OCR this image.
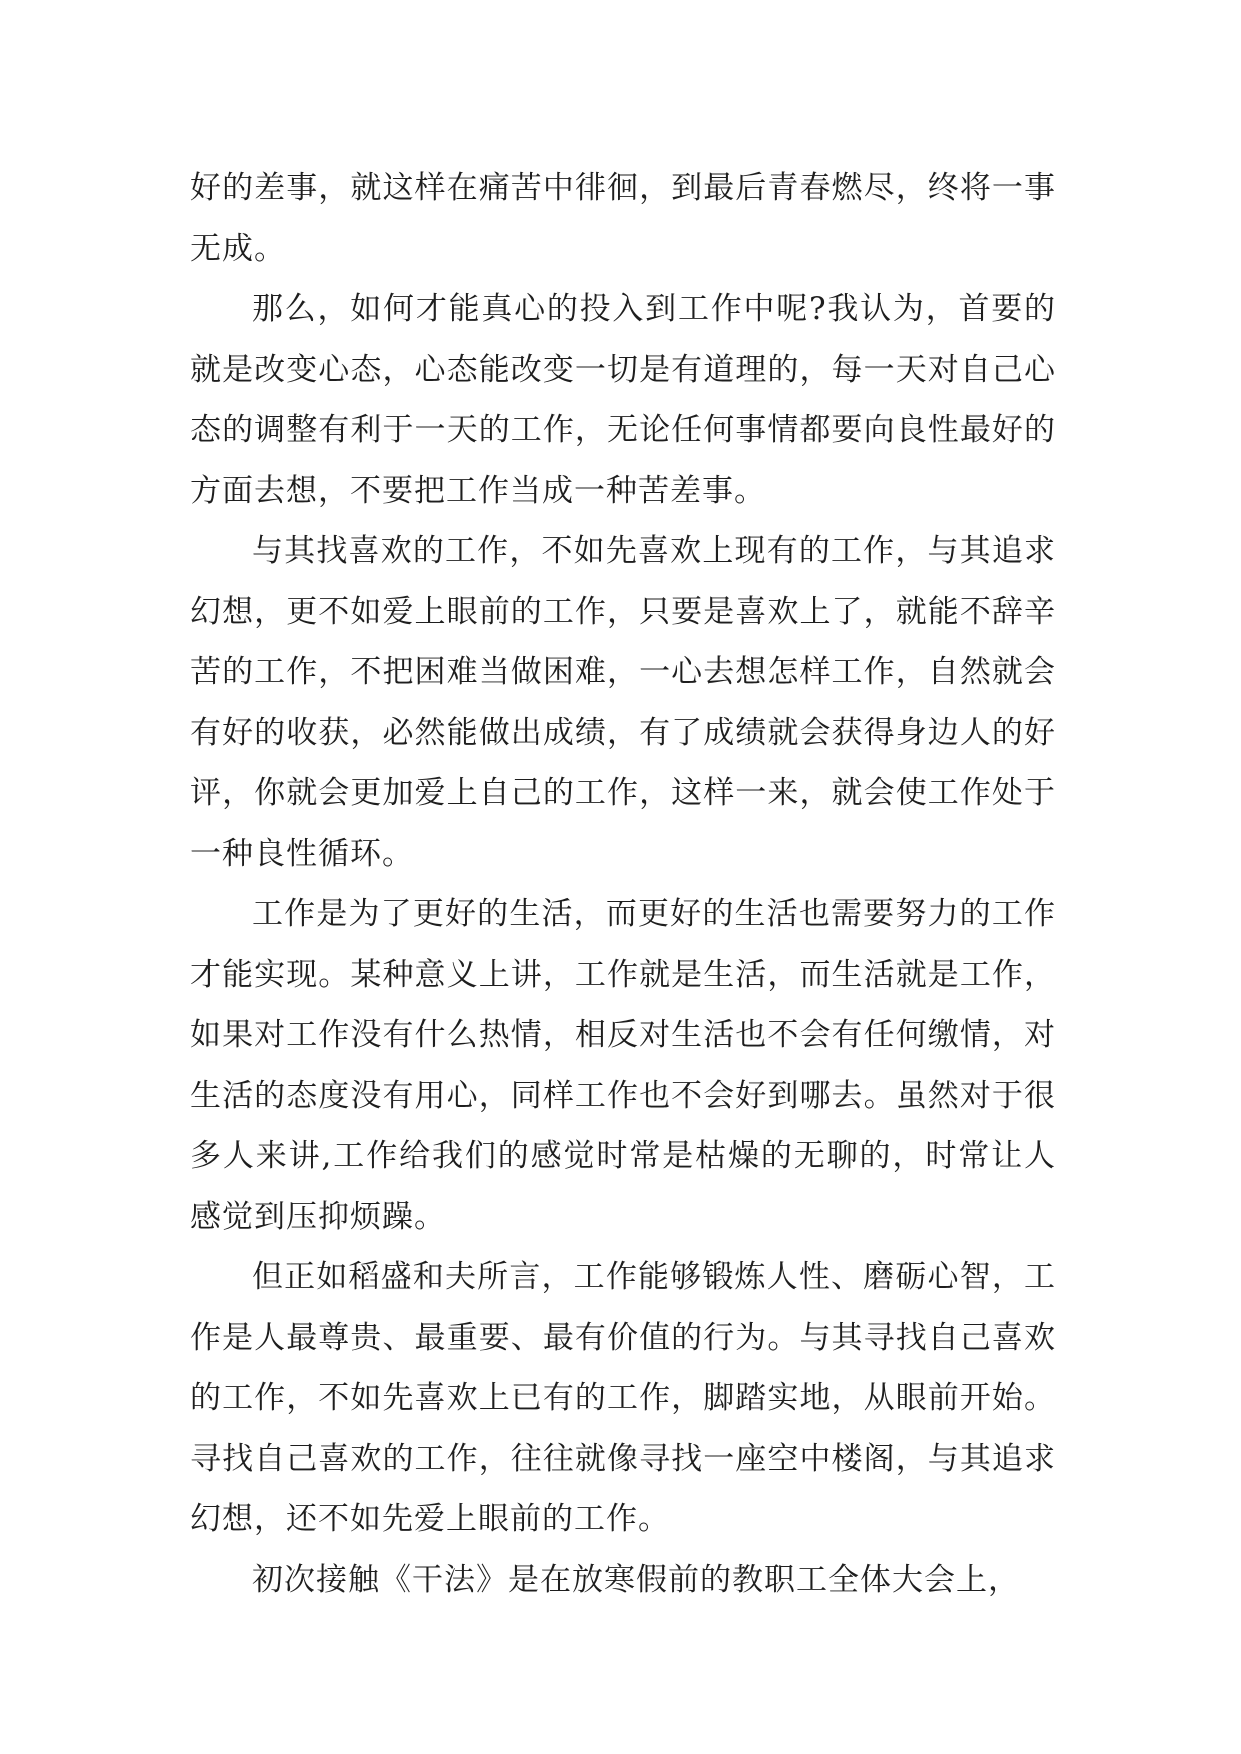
好的差事，就这样在痛苦中徘徊，到最后青春燃尽，终将一事无成。

那么，如何才能真心的投入到工作中呢?我认为，首要的就是改变心态，心态能改变一切是有道理的，每一天对自己心态的调整有利于一天的工作，无论任何事情都要向良性最好的方面去想，不要把工作当成一种苦差事。

与其找喜欢的工作，不如先喜欢上现有的工作，与其追求幻想，更不如爱上眼前的工作，只要是喜欢上了，就能不辞辛苦的工作，不把困难当做困难，一心去想怎样工作，自然就会有好的收获，必然能做出成绩，有了成绩就会获得身边人的好评，你就会更加爱上自己的工作，这样一来，就会使工作处于一种良性循环。

工作是为了更好的生活，而更好的生活也需要努力的工作才能实现。某种意义上讲，工作就是生活，而生活就是工作，如果对工作没有什么热情，相反对生活也不会有任何缴情，对生活的态度没有用心，同样工作也不会好到哪去。虽然对于很多人来讲,工作给我们的感觉时常是枯燥的无聊的，时常让人感觉到压抑烦躁。

但正如稻盛和夫所言，工作能够锻炼人性、磨砺心智，工作是人最尊贵、最重要、最有价值的行为。与其寻找自己喜欢的工作，不如先喜欢上已有的工作，脚踏实地，从眼前开始。寻找自己喜欢的工作，往往就像寻找一座空中楼阁，与其追求幻想，还不如先爱上眼前的工作。

初次接触《干法》是在放寒假前的教职工全体大会上，
